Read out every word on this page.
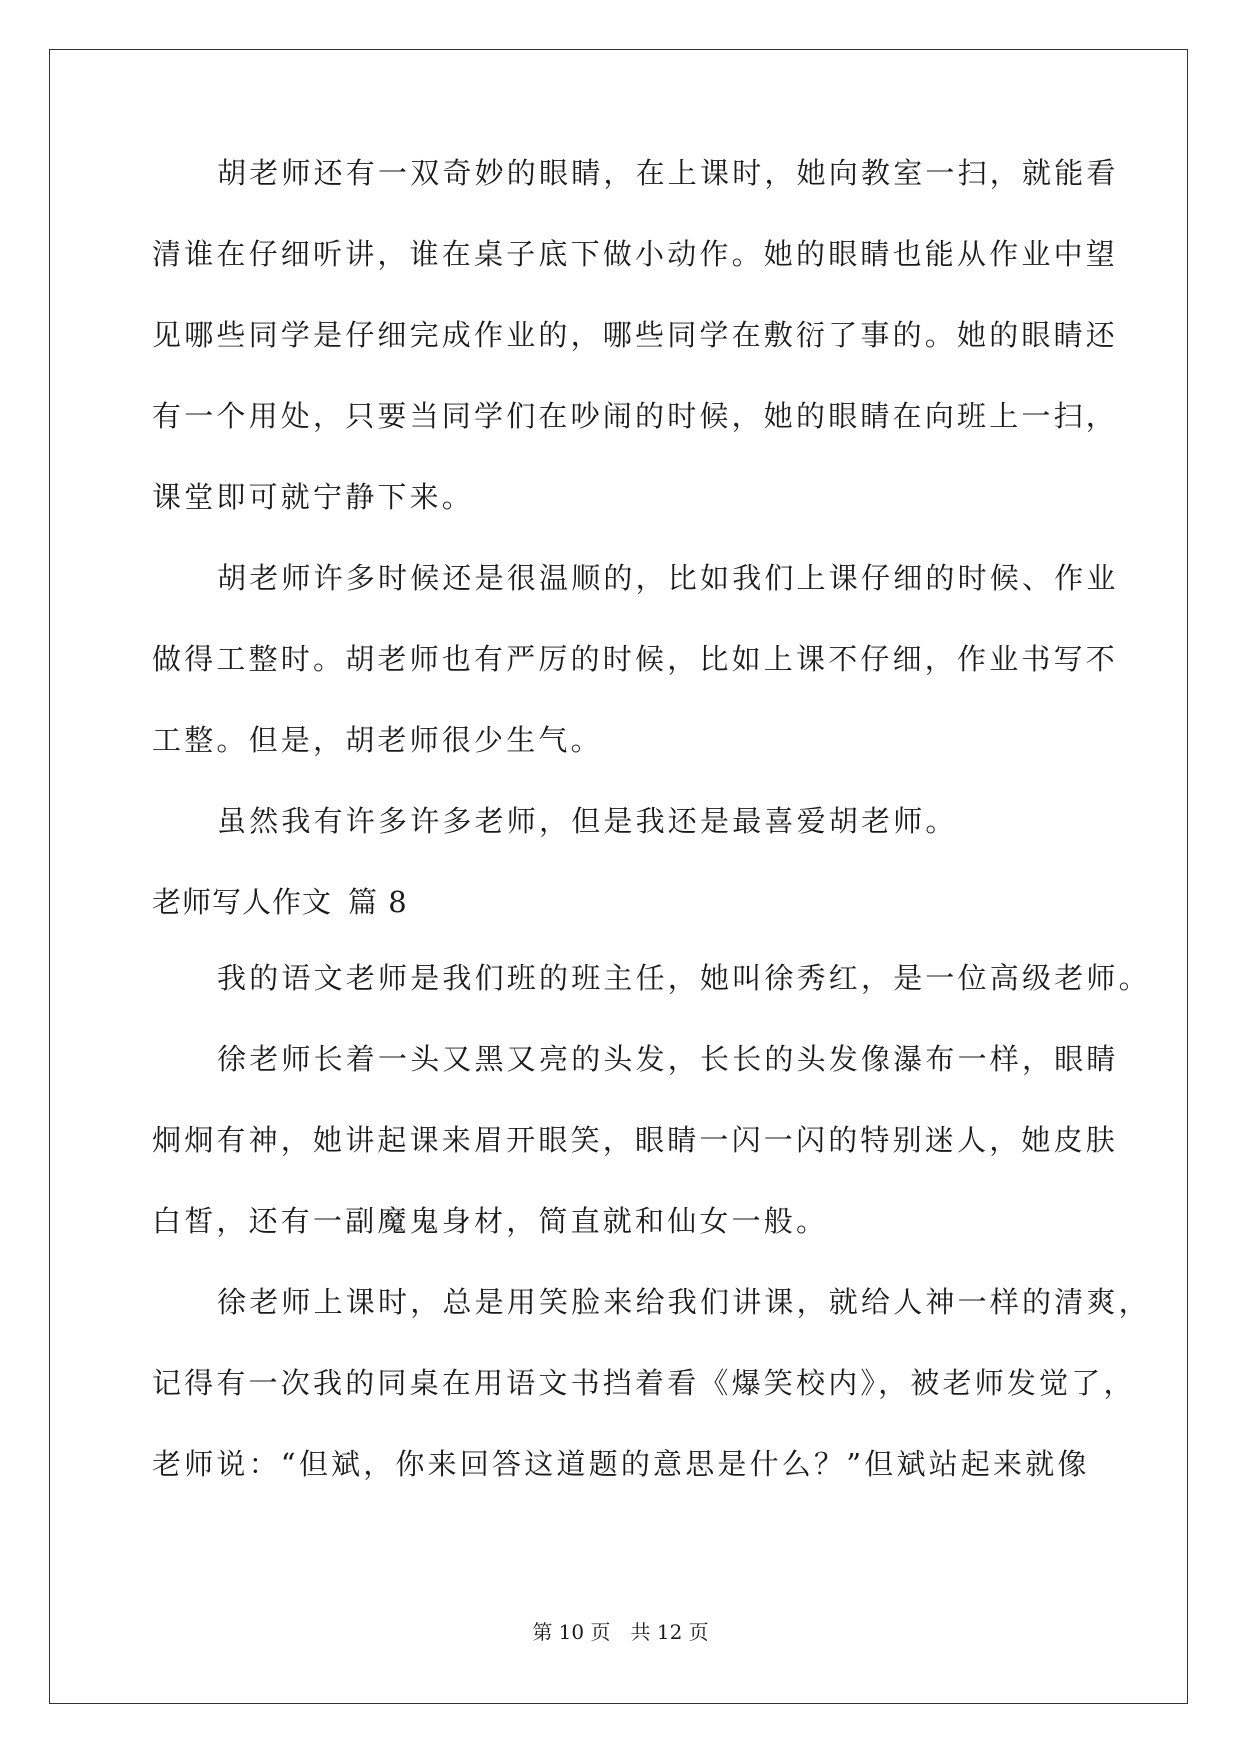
胡老师还有一双奇妙的眼睛，在上课时，她向教室一扫，就能看
清谁在仔细听讲，谁在桌子底下做小动作。她的眼睛也能从作业中望
见哪些同学是仔细完成作业的，哪些同学在敷衍了事的。她的眼睛还
有一个用处，只要当同学们在吵闹的时候，她的眼睛在向班上一扫，
课堂即可就宁静下来。
胡老师许多时候还是很温顺的，比如我们上课仔细的时候、作业
做得工整时。胡老师也有严厉的时候，比如上课不仔细，作业书写不
工整。但是，胡老师很少生气。
虽然我有许多许多老师，但是我还是最喜爱胡老师。
老师写人作文 篇 8
我的语文老师是我们班的班主任，她叫徐秀红，是一位高级老师。
徐老师长着一头又黑又亮的头发，长长的头发像瀑布一样，眼睛
炯炯有神，她讲起课来眉开眼笑，眼睛一闪一闪的特别迷人，她皮肤
白皙，还有一副魔鬼身材，简直就和仙女一般。
徐老师上课时，总是用笑脸来给我们讲课，就给人神一样的清爽，
记得有一次我的同桌在用语文书挡着看《爆笑校内》，被老师发觉了，
老师说：“但斌，你来回答这道题的意思是什么？”但斌站起来就像
第 10 页 共 12 页
